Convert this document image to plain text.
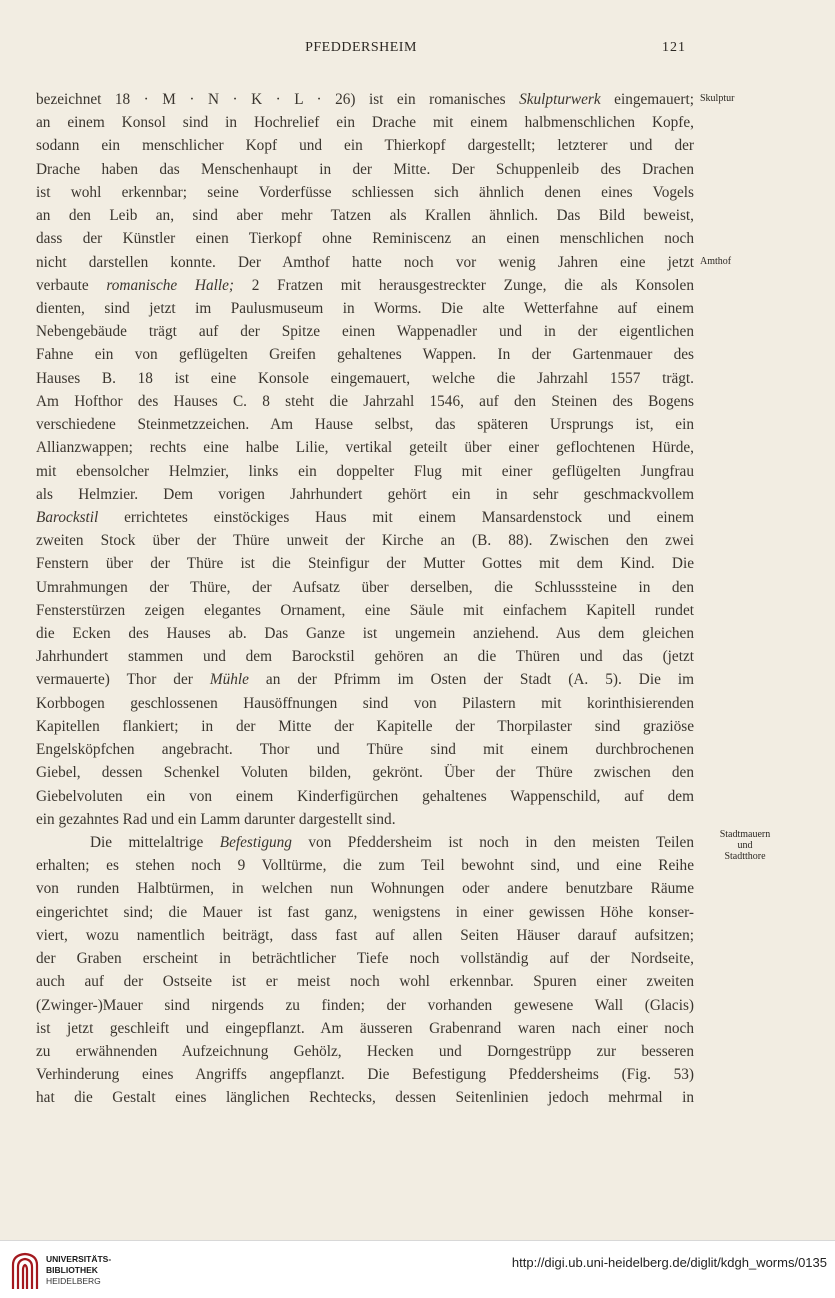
PFEDDERSHEIM	121
Skulptur
Amthof
Stadtmauern
und
Stadtthore
bezeichnet 18 · M · N · K · L · 26) ist ein romanisches Skulpturwerk eingemauert;
an einem Konsol sind in Hochrelief ein Drache mit einem halbmenschlichen Kopfe,
sodann ein menschlicher Kopf und ein Thierkopf dargestellt; letzterer und der
Drache haben das Menschenhaupt in der Mitte. Der Schuppenleib des Drachen
ist wohl erkennbar; seine Vorderfüsse schliessen sich ähnlich denen eines Vogels
an den Leib an, sind aber mehr Tatzen als Krallen ähnlich. Das Bild beweist,
dass der Künstler einen Tierkopf ohne Reminiscenz an einen menschlichen noch
nicht darstellen konnte. Der Amthof hatte noch vor wenig Jahren eine jetzt
verbaute romanische Halle; 2 Fratzen mit herausgestreckter Zunge, die als Konsolen
dienten, sind jetzt im Paulusmuseum in Worms. Die alte Wetterfahne auf einem
Nebengebäude trägt auf der Spitze einen Wappenadler und in der eigentlichen
Fahne ein von geflügelten Greifen gehaltenes Wappen. In der Gartenmauer des
Hauses B. 18 ist eine Konsole eingemauert, welche die Jahrzahl 1557 trägt.
Am Hofthor des Hauses C. 8 steht die Jahrzahl 1546, auf den Steinen des Bogens
verschiedene Steinmetzzeichen. Am Hause selbst, das späteren Ursprungs ist, ein
Allianzwappen; rechts eine halbe Lilie, vertikal geteilt über einer geflochtenen Hürde,
mit ebensolcher Helmzier, links ein doppelter Flug mit einer geflügelten Jungfrau
als Helmzier. Dem vorigen Jahrhundert gehört ein in sehr geschmackvollem
Barockstil errichtetes einstöckiges Haus mit einem Mansardenstock und einem
zweiten Stock über der Thüre unweit der Kirche an (B. 88). Zwischen den zwei
Fenstern über der Thüre ist die Steinfigur der Mutter Gottes mit dem Kind. Die
Umrahmungen der Thüre, der Aufsatz über derselben, die Schlusssteine in den
Fensterstürzen zeigen elegantes Ornament, eine Säule mit einfachem Kapitell rundet
die Ecken des Hauses ab. Das Ganze ist ungemein anziehend. Aus dem gleichen
Jahrhundert stammen und dem Barockstil gehören an die Thüren und das (jetzt
vermauerte) Thor der Mühle an der Pfrimm im Osten der Stadt (A. 5). Die im
Korbbogen geschlossenen Hausöffnungen sind von Pilastern mit korinthisierenden
Kapitellen flankiert; in der Mitte der Kapitelle der Thorpilaster sind graziöse
Engelsköpfchen angebracht. Thor und Thüre sind mit einem durchbrochenen
Giebel, dessen Schenkel Voluten bilden, gekrönt. Über der Thüre zwischen den
Giebelvoluten ein von einem Kinderfigürchen gehaltenes Wappenschild, auf dem
ein gezahntes Rad und ein Lamm darunter dargestellt sind.
Die mittelaltrige Befestigung von Pfeddersheim ist noch in den meisten Teilen
erhalten; es stehen noch 9 Volltürme, die zum Teil bewohnt sind, und eine Reihe
von runden Halbtürmen, in welchen nun Wohnungen oder andere benutzbare Räume
eingerichtet sind; die Mauer ist fast ganz, wenigstens in einer gewissen Höhe konser-
viert, wozu namentlich beiträgt, dass fast auf allen Seiten Häuser darauf aufsitzen;
der Graben erscheint in beträchtlicher Tiefe noch vollständig auf der Nordseite,
auch auf der Ostseite ist er meist noch wohl erkennbar. Spuren einer zweiten
(Zwinger-)Mauer sind nirgends zu finden; der vorhanden gewesene Wall (Glacis)
ist jetzt geschleift und eingepflanzt. Am äusseren Grabenrand waren nach einer noch
zu erwähnenden Aufzeichnung Gehölz, Hecken und Dorngestrüpp zur besseren
Verhinderung eines Angriffs angepflanzt. Die Befestigung Pfeddersheims (Fig. 53)
hat die Gestalt eines länglichen Rechtecks, dessen Seitenlinien jedoch mehrmal in
UNIVERSITÄTS-
BIBLIOTHEK
HEIDELBERG
http://digi.ub.uni-heidelberg.de/diglit/kdgh_worms/0135
